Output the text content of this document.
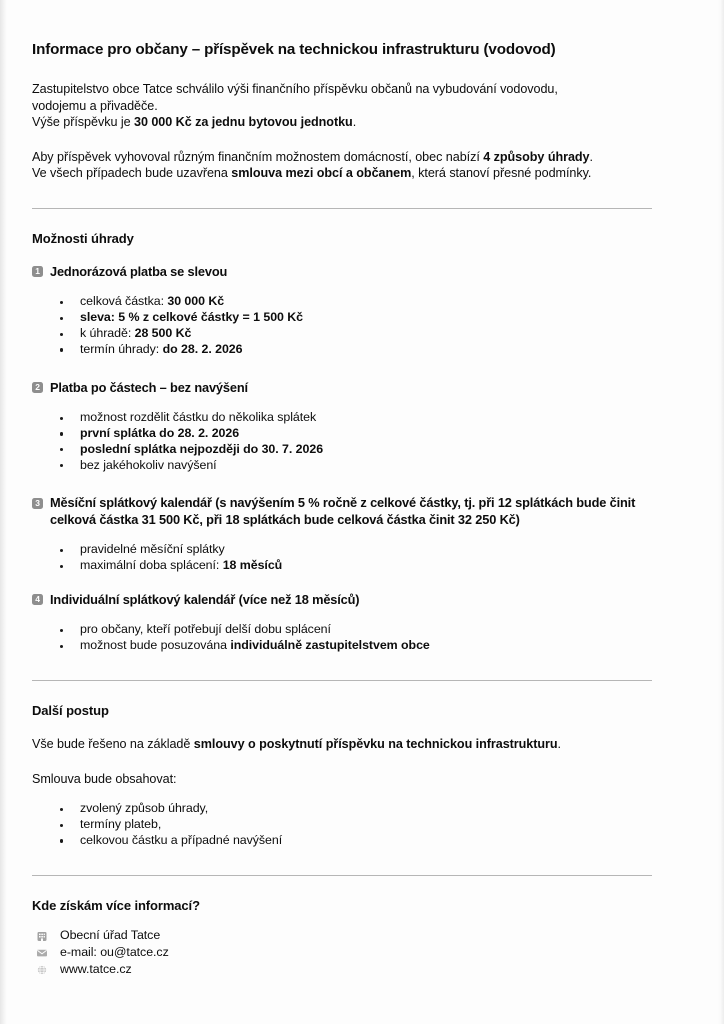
Informace pro občany – příspěvek na technickou infrastrukturu (vodovod)

Zastupitelstvo obce Tatce schválilo výši finančního příspěvku občanů na vybudování vodovodu,
vodojemu a přivaděče.
Výše příspěvku je 30 000 Kč za jednu bytovou jednotku.

Aby příspěvek vyhovoval různým finančním možnostem domácností, obec nabízí 4 způsoby úhrady.
Ve všech případech bude uzavřena smlouva mezi obcí a občanem, která stanoví přesné podmínky.

Možnosti úhrady
1 Jednorázová platba se slevou
celková částka: 30 000 Kč
sleva: 5 % z celkové částky = 1 500 Kč
k úhradě: 28 500 Kč
termín úhrady: do 28. 2. 2026
2 Platba po částech – bez navýšení
možnost rozdělit částku do několika splátek
první splátka do 28. 2. 2026
poslední splátka nejpozději do 30. 7. 2026
bez jakéhokoliv navýšení
3 Měsíční splátkový kalendář (s navýšením 5 % ročně z celkové částky, tj. při 12 splátkách bude činit celková částka 31 500 Kč, při 18 splátkách bude celková částka činit 32 250 Kč)
pravidelné měsíční splátky
maximální doba splácení: 18 měsíců
4 Individuální splátkový kalendář (více než 18 měsíců)
pro občany, kteří potřebují delší dobu splácení
možnost bude posuzována individuálně zastupitelstvem obce
Další postup

Vše bude řešeno na základě smlouvy o poskytnutí příspěvku na technickou infrastrukturu.

Smlouva bude obsahovat:

zvolený způsob úhrady,
termíny plateb,
celkovou částku a případné navýšení
Kde získám více informací?
Obecní úřad Tatce
e-mail: ou@tatce.cz
www.tatce.cz
